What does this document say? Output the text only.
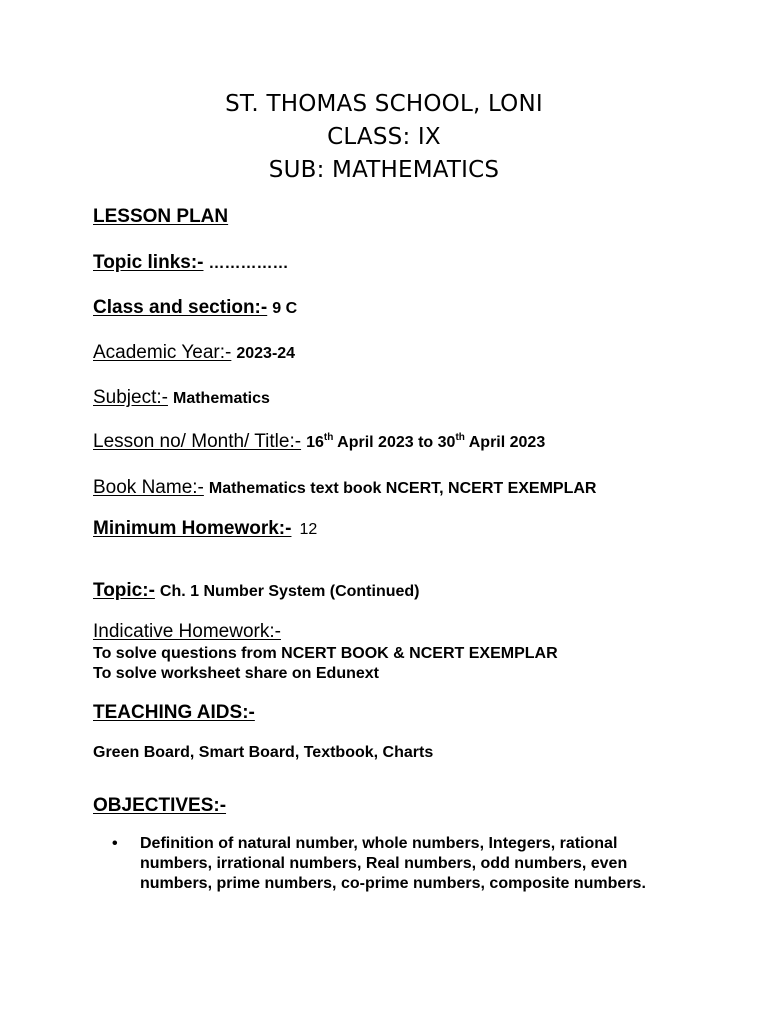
ST. THOMAS SCHOOL, LONI
CLASS: IX
SUB: MATHEMATICS
LESSON PLAN
Topic links:- ……………
Class and section:- 9 C
Academic Year:- 2023-24
Subject:- Mathematics
Lesson no/ Month/ Title:- 16th April 2023 to 30th April 2023
Book Name:- Mathematics text book NCERT, NCERT EXEMPLAR
Minimum Homework:- 12
Topic:- Ch. 1 Number System (Continued)
Indicative Homework:-
To solve questions from NCERT BOOK & NCERT EXEMPLAR
To solve worksheet share on Edunext
TEACHING AIDS:-
Green Board, Smart Board, Textbook, Charts
OBJECTIVES:-
• Definition of natural number, whole numbers, Integers, rational numbers, irrational numbers, Real numbers, odd numbers, even numbers, prime numbers, co-prime numbers, composite numbers.
